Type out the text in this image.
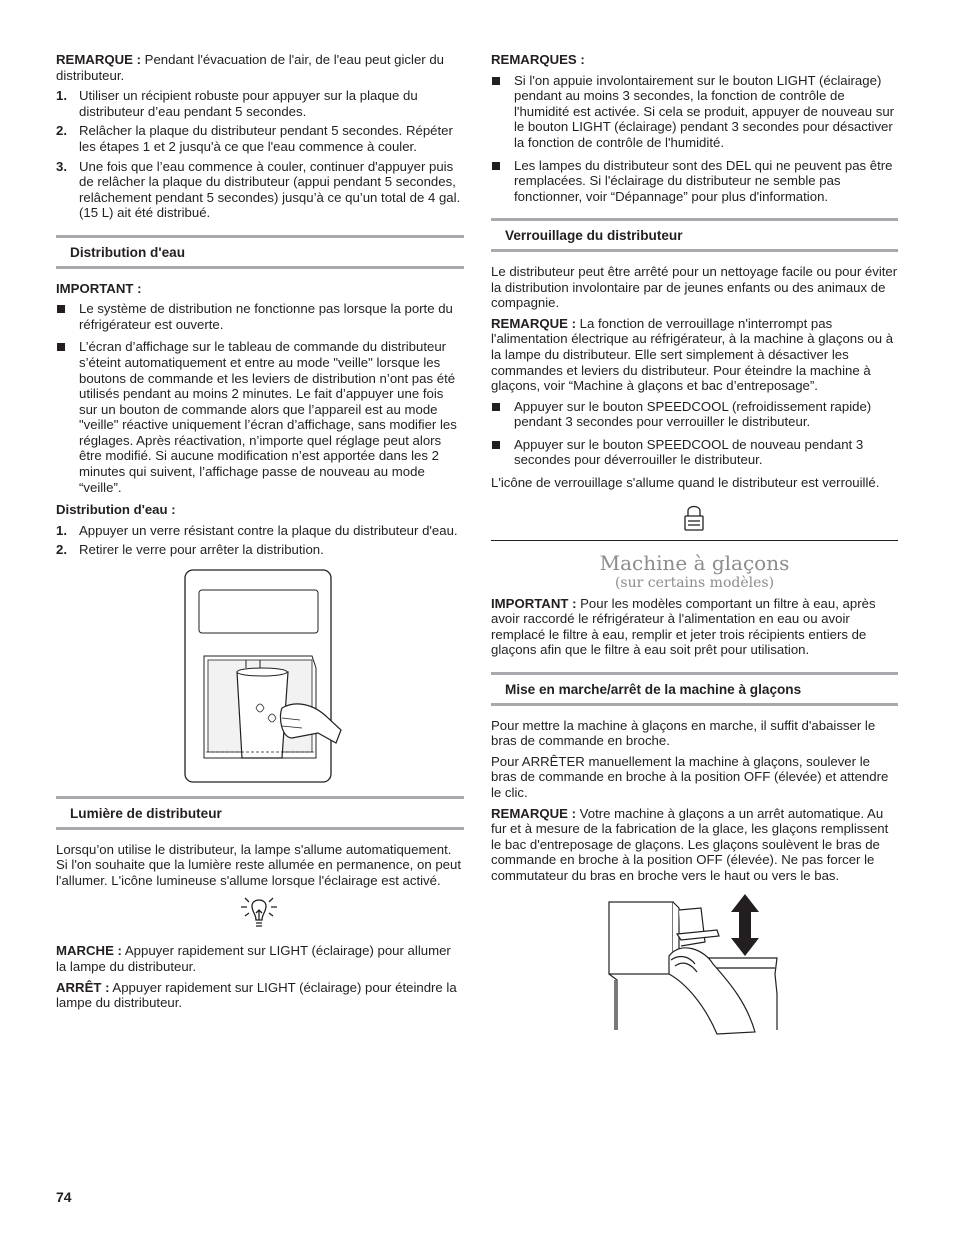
REMARQUE : Pendant l'évacuation de l'air, de l'eau peut gicler du distributeur.

1. Utiliser un récipient robuste pour appuyer sur la plaque du distributeur d’eau pendant 5 secondes.
2. Relâcher la plaque du distributeur pendant 5 secondes. Répéter les étapes 1 et 2 jusqu'à ce que l'eau commence à couler.
3. Une fois que l’eau commence à couler, continuer d'appuyer puis de relâcher la plaque du distributeur (appui pendant 5 secondes, relâchement pendant 5 secondes) jusqu’à ce qu’un total de 4 gal. (15 L) ait été distribué.
Distribution d'eau

IMPORTANT :

Le système de distribution ne fonctionne pas lorsque la porte du réfrigérateur est ouverte.
L’écran d’affichage sur le tableau de commande du distributeur s’éteint automatiquement et entre au mode "veille" lorsque les boutons de commande et les leviers de distribution n’ont pas été utilisés pendant au moins 2 minutes. Le fait d’appuyer une fois sur un bouton de commande alors que l’appareil est au mode "veille" réactive uniquement l’écran d’affichage, sans modifier les réglages. Après réactivation, n’importe quel réglage peut alors être modifié. Si aucune modification n’est apportée dans les 2 minutes qui suivent, l’affichage passe de nouveau au mode “veille”.

Distribution d'eau :

1. Appuyer un verre résistant contre la plaque du distributeur d'eau.
2. Retirer le verre pour arrêter la distribution.
Lumière de distributeur

Lorsqu’on utilise le distributeur, la lampe s'allume automatiquement. Si l'on souhaite que la lumière reste allumée en permanence, on peut l'allumer. L'icône lumineuse s'allume lorsque l'éclairage est activé.

MARCHE : Appuyer rapidement sur LIGHT (éclairage) pour allumer la lampe du distributeur.

ARRÊT : Appuyer rapidement sur LIGHT (éclairage) pour éteindre la lampe du distributeur.

REMARQUES :

Si l'on appuie involontairement sur le bouton LIGHT (éclairage) pendant au moins 3 secondes, la fonction de contrôle de l'humidité est activée. Si cela se produit, appuyer de nouveau sur le bouton LIGHT (éclairage) pendant 3 secondes pour désactiver la fonction de contrôle de l'humidité.
Les lampes du distributeur sont des DEL qui ne peuvent pas être remplacées. Si l'éclairage du distributeur ne semble pas fonctionner, voir “Dépannage” pour plus d'information.
Verrouillage du distributeur

Le distributeur peut être arrêté pour un nettoyage facile ou pour éviter la distribution involontaire par de jeunes enfants ou des animaux de compagnie.

REMARQUE : La fonction de verrouillage n'interrompt pas l'alimentation électrique au réfrigérateur, à la machine à glaçons ou à la lampe du distributeur. Elle sert simplement à désactiver les commandes et leviers du distributeur. Pour éteindre la machine à glaçons, voir “Machine à glaçons et bac d’entreposage”.

Appuyer sur le bouton SPEEDCOOL (refroidissement rapide) pendant 3 secondes pour verrouiller le distributeur.
Appuyer sur le bouton SPEEDCOOL de nouveau pendant 3 secondes pour déverrouiller le distributeur.

L'icône de verrouillage s'allume quand le distributeur est verrouillé.

Machine à glaçons
(sur certains modèles)

IMPORTANT : Pour les modèles comportant un filtre à eau, après avoir raccordé le réfrigérateur à l'alimentation en eau ou avoir remplacé le filtre à eau, remplir et jeter trois récipients entiers de glaçons afin que le filtre à eau soit prêt pour utilisation.

Mise en marche/arrêt de la machine à glaçons

Pour mettre la machine à glaçons en marche, il suffit d'abaisser le bras de commande en broche.

Pour ARRÊTER manuellement la machine à glaçons, soulever le bras de commande en broche à la position OFF (élevée) et attendre le clic.

REMARQUE : Votre machine à glaçons a un arrêt automatique. Au fur et à mesure de la fabrication de la glace, les glaçons remplissent le bac d'entreposage de glaçons. Les glaçons soulèvent le bras de commande en broche à la position OFF (élevée). Ne pas forcer le commutateur du bras en broche vers le haut ou vers le bas.

74
